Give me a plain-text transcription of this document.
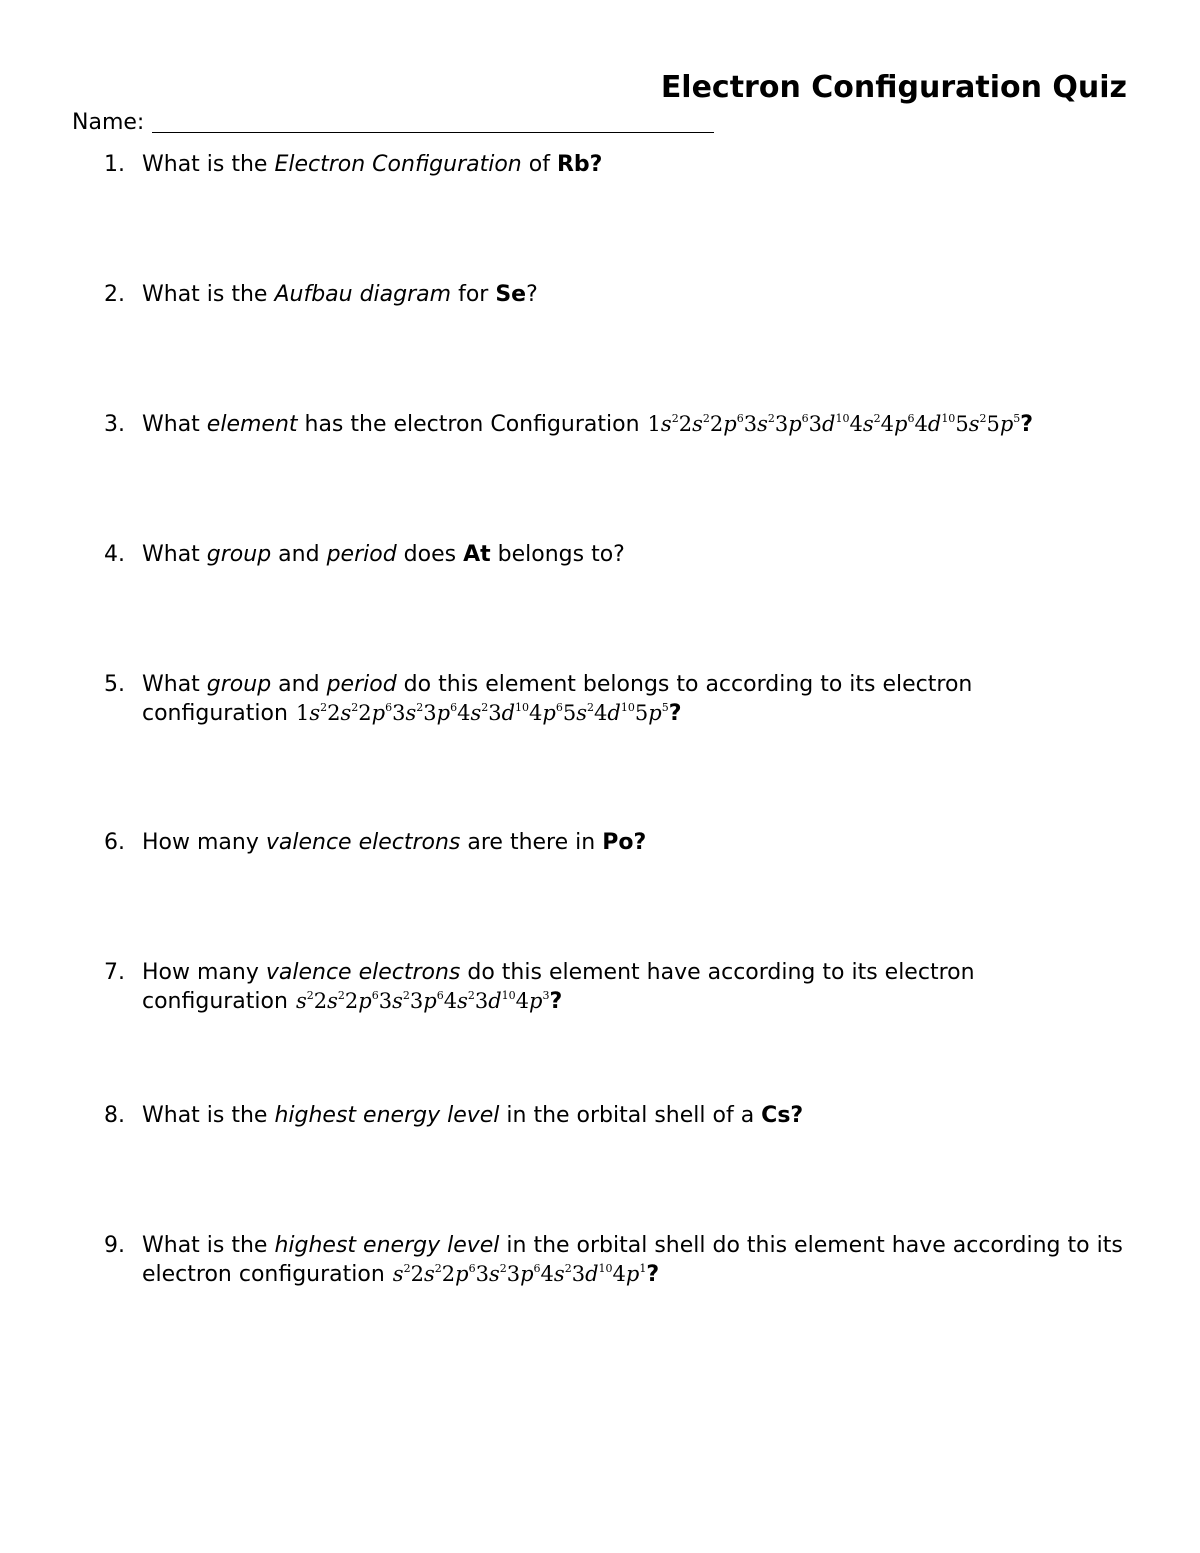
Electron Configuration Quiz
Name:
1. What is the Electron Configuration of Rb?
2. What is the Aufbau diagram for Se?
3. What element has the electron Configuration $1s^22s^22p^63s^23p^63d^{10}4s^24p^64d^{10}5s^25p^5$?
4. What group and period does At belongs to?
5. What group and period do this element belongs to according to its electron configuration $1s^22s^22p^63s^23p^64s^23d^{10}4p^65s^24d^{10}5p^5$?
6. How many valence electrons are there in Po?
7. How many valence electrons do this element have according to its electron configuration $s^22s^22p^63s^23p^64s^23d^{10}4p^3$?
8. What is the highest energy level in the orbital shell of a Cs?
9. What is the highest energy level in the orbital shell do this element have according to its electron configuration $s^22s^22p^63s^23p^64s^23d^{10}4p^1$?
